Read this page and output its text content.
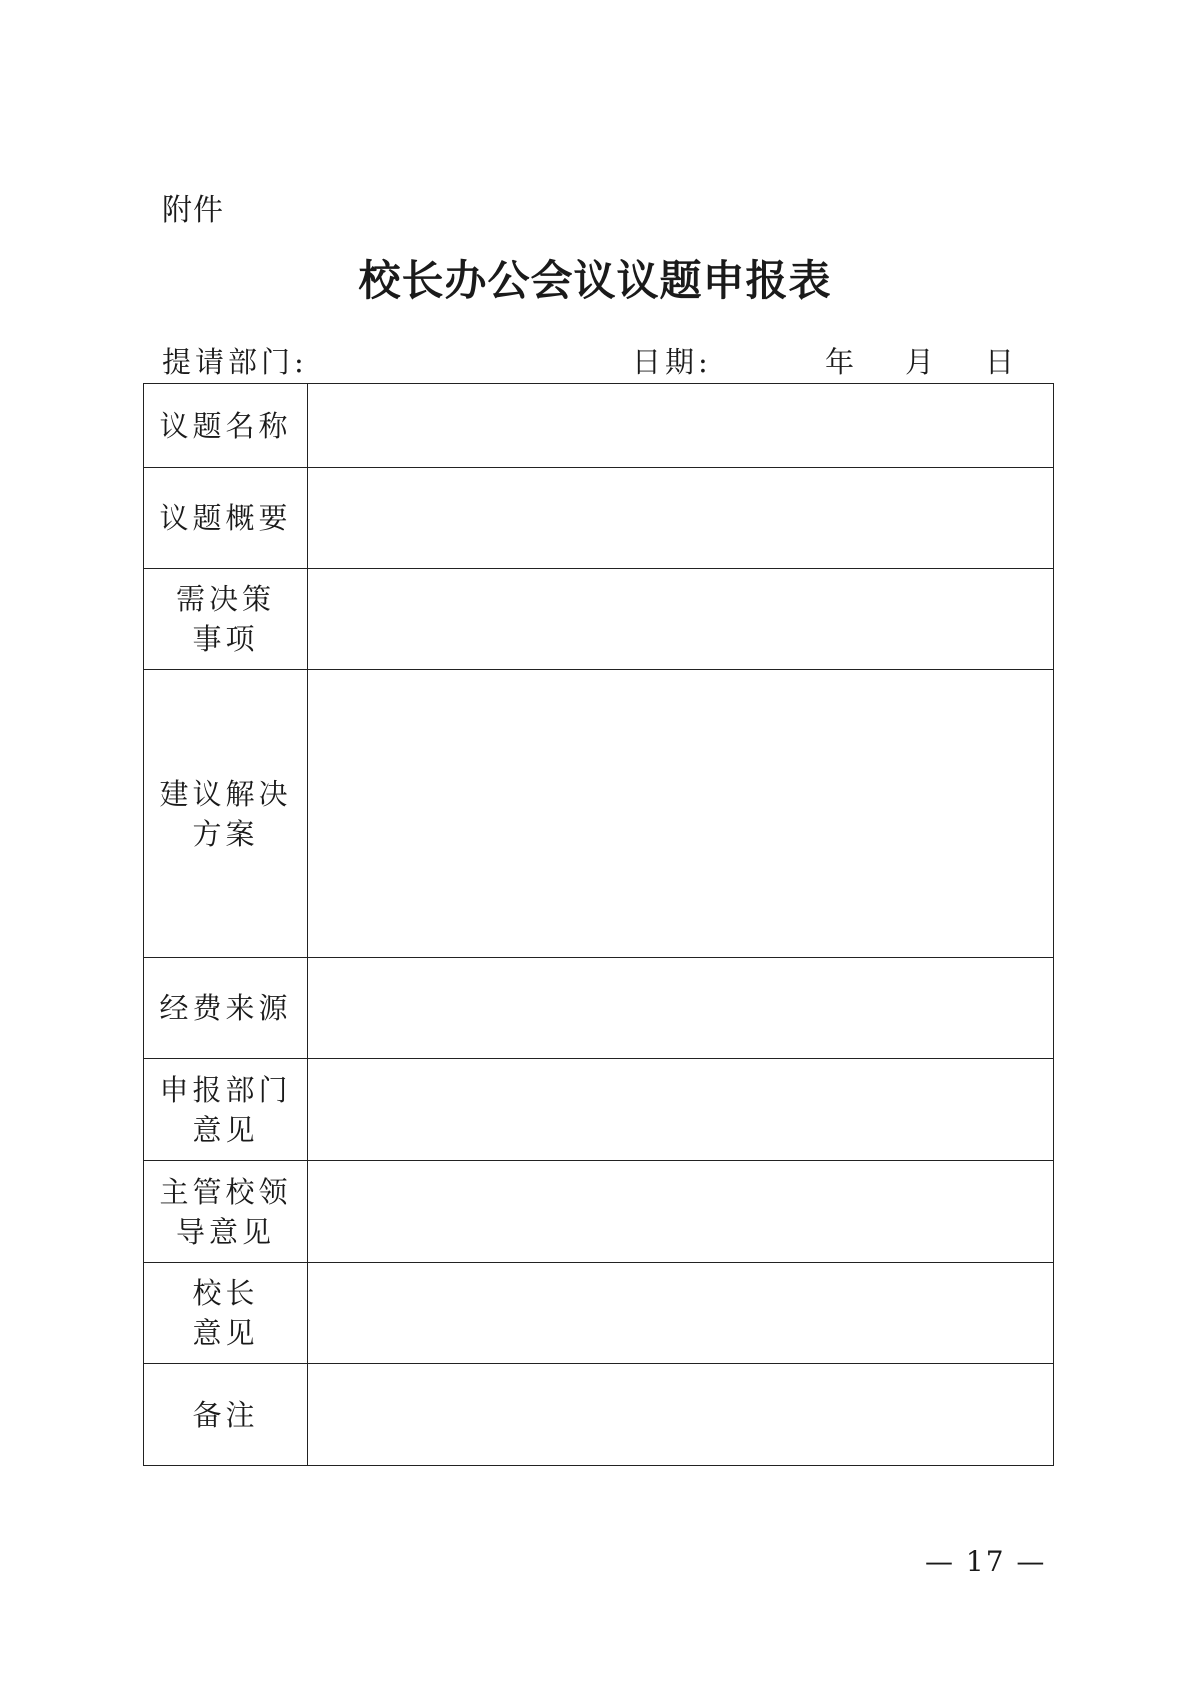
附件
校长办公会议议题申报表
提请部门:	日期:	年 月 日
议题名称	

议题概要	

需决策
事项	

建议解决
方案	

经费来源	

申报部门
意见	

主管校领
导意见	

校长
意见	

备注	

— 17 —
